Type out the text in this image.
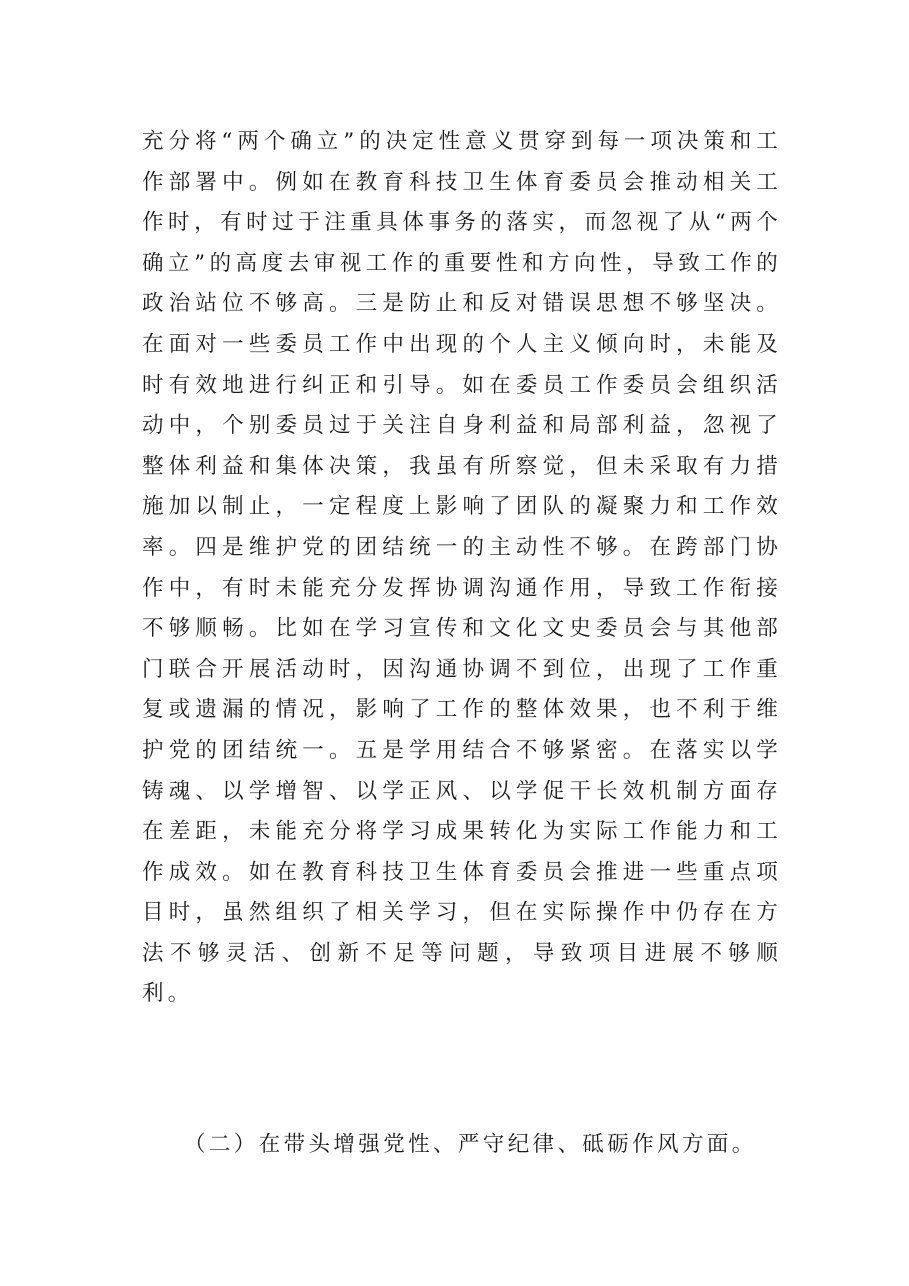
充分将“两个确立”的决定性意义贯穿到每一项决策和工作部署中。例如在教育科技卫生体育委员会推动相关工作时，有时过于注重具体事务的落实，而忽视了从“两个确立”的高度去审视工作的重要性和方向性，导致工作的政治站位不够高。三是防止和反对错误思想不够坚决。在面对一些委员工作中出现的个人主义倾向时，未能及时有效地进行纠正和引导。如在委员工作委员会组织活动中，个别委员过于关注自身利益和局部利益，忽视了整体利益和集体决策，我虽有所察觉，但未采取有力措施加以制止，一定程度上影响了团队的凝聚力和工作效率。四是维护党的团结统一的主动性不够。在跨部门协作中，有时未能充分发挥协调沟通作用，导致工作衔接不够顺畅。比如在学习宣传和文化文史委员会与其他部门联合开展活动时，因沟通协调不到位，出现了工作重复或遗漏的情况，影响了工作的整体效果，也不利于维护党的团结统一。五是学用结合不够紧密。在落实以学铸魂、以学增智、以学正风、以学促干长效机制方面存在差距，未能充分将学习成果转化为实际工作能力和工作成效。如在教育科技卫生体育委员会推进一些重点项目时，虽然组织了相关学习，但在实际操作中仍存在方法不够灵活、创新不足等问题，导致项目进展不够顺利。

（二）在带头增强党性、严守纪律、砥砺作风方面。
